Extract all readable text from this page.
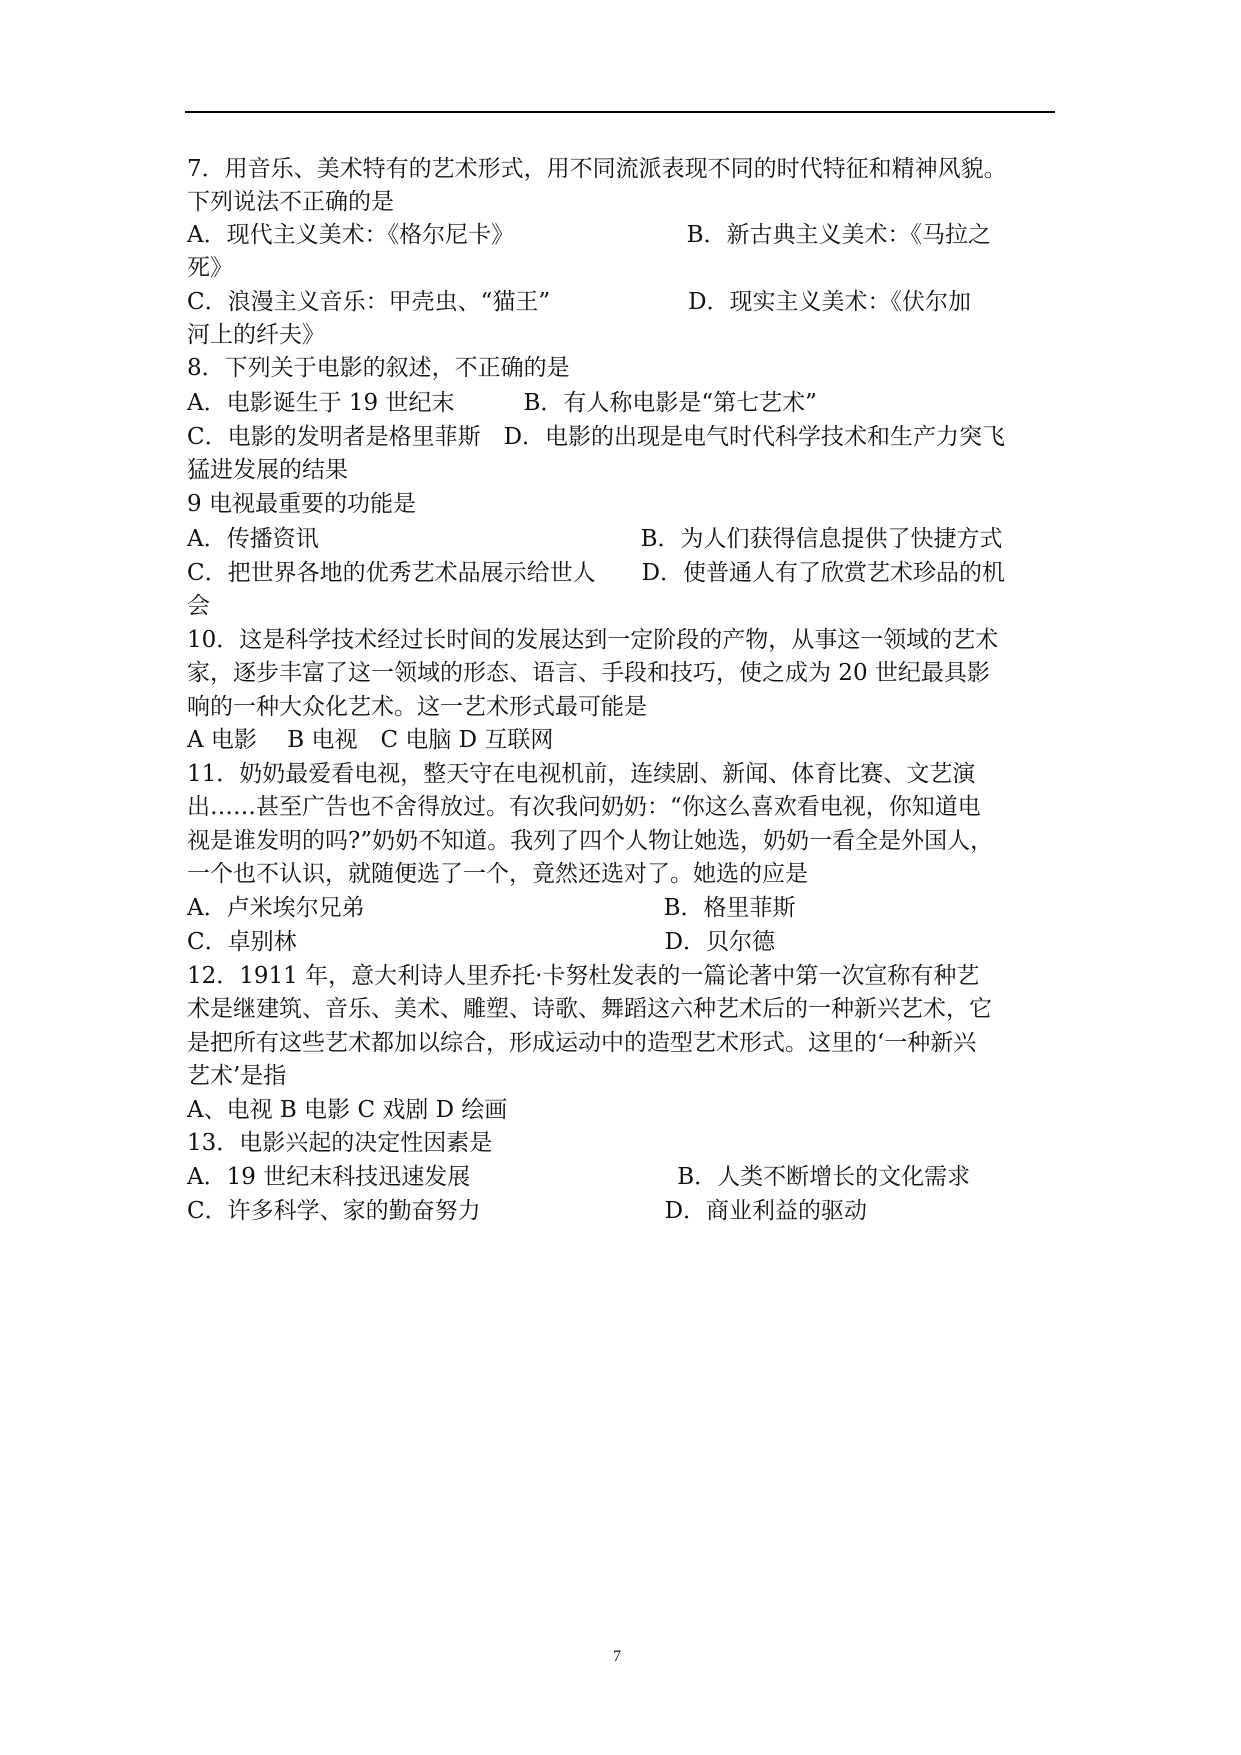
7．用音乐、美术特有的艺术形式，用不同流派表现不同的时代特征和精神风貌。
下列说法不正确的是
A．现代主义美术：《格尔尼卡》　　　　　　　　B．新古典主义美术：《马拉之
死》
C．浪漫主义音乐：甲壳虫、“猫王”　　　　　　D．现实主义美术：《伏尔加
河上的纤夫》
8．下列关于电影的叙述，不正确的是
A．电影诞生于 19 世纪末　　　B．有人称电影是“第七艺术”
C．电影的发明者是格里菲斯　D．电影的出现是电气时代科学技术和生产力突飞
猛进发展的结果
9 电视最重要的功能是
A．传播资讯　　　　　　　　　　　　　　B．为人们获得信息提供了快捷方式
C．把世界各地的优秀艺术品展示给世人　　D．使普通人有了欣赏艺术珍品的机
会
10．这是科学技术经过长时间的发展达到一定阶段的产物，从事这一领域的艺术
家，逐步丰富了这一领域的形态、语言、手段和技巧，使之成为 20 世纪最具影
响的一种大众化艺术。这一艺术形式最可能是
A 电影　 B 电视　C 电脑 D 互联网
11．奶奶最爱看电视，整天守在电视机前，连续剧、新闻、体育比赛、文艺演
出……甚至广告也不舍得放过。有次我问奶奶：“你这么喜欢看电视，你知道电
视是谁发明的吗?”奶奶不知道。我列了四个人物让她选，奶奶一看全是外国人，
一个也不认识，就随便选了一个，竟然还选对了。她选的应是
A．卢米埃尔兄弟　　　　　　　　　　　　　B．格里菲斯
C．卓别林　　　　　　　　　　　　　　　　D．贝尔德
12．1911 年，意大利诗人里乔托·卡努杜发表的一篇论著中第一次宣称有种艺
术是继建筑、音乐、美术、雕塑、诗歌、舞蹈这六种艺术后的一种新兴艺术，它
是把所有这些艺术都加以综合，形成运动中的造型艺术形式。这里的‘一种新兴
艺术’是指
A、电视 B 电影 C 戏剧 D 绘画
13．电影兴起的决定性因素是
A．19 世纪末科技迅速发展　　　　　　　　　B．人类不断增长的文化需求
C．许多科学、家的勤奋努力　　　　　　　　D．商业利益的驱动
7
